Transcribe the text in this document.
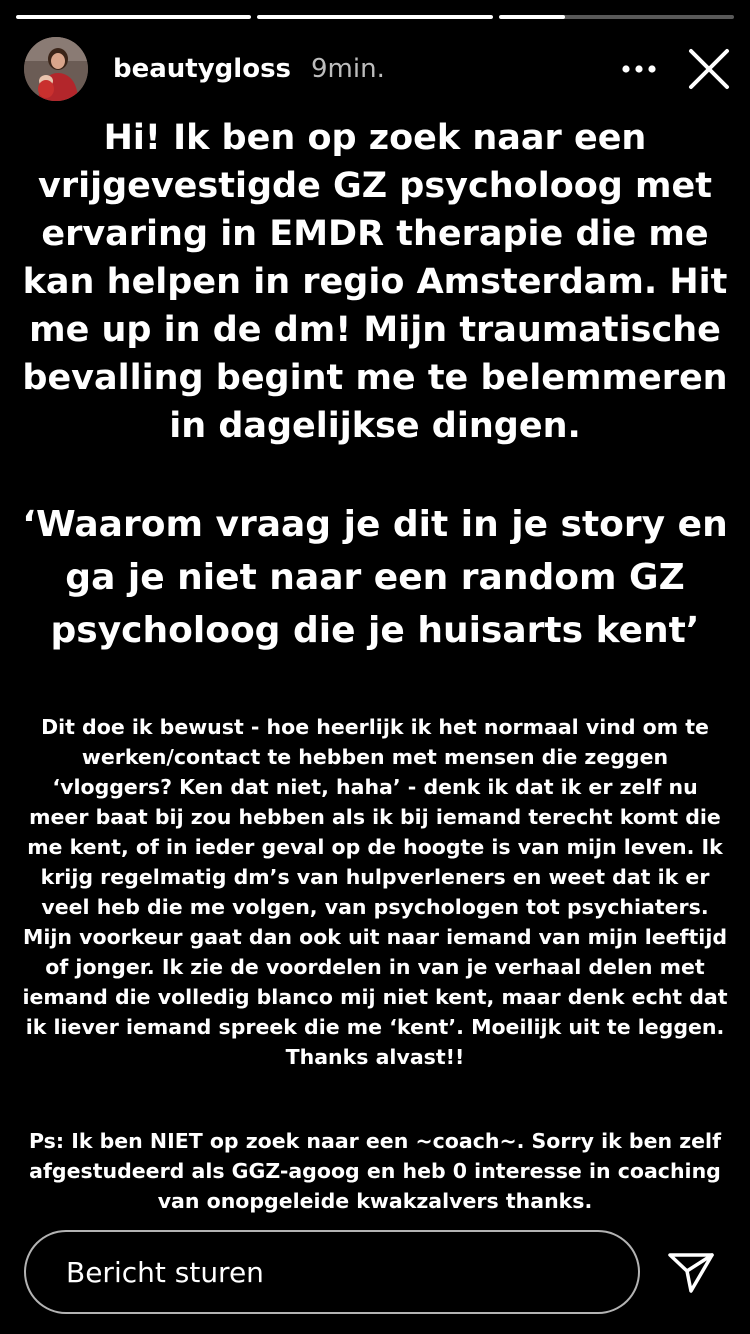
beautygloss 9min.

Hi! Ik ben op zoek naar een vrijgevestigde GZ psycholoog met ervaring in EMDR therapie die me kan helpen in regio Amsterdam. Hit me up in de dm! Mijn traumatische bevalling begint me te belemmeren in dagelijkse dingen.

‘Waarom vraag je dit in je story en ga je niet naar een random GZ psycholoog die je huisarts kent’

Dit doe ik bewust - hoe heerlijk ik het normaal vind om te werken/contact te hebben met mensen die zeggen ‘vloggers? Ken dat niet, haha’ - denk ik dat ik er zelf nu meer baat bij zou hebben als ik bij iemand terecht komt die me kent, of in ieder geval op de hoogte is van mijn leven. Ik krijg regelmatig dm’s van hulpverleners en weet dat ik er veel heb die me volgen, van psychologen tot psychiaters. Mijn voorkeur gaat dan ook uit naar iemand van mijn leeftijd of jonger. Ik zie de voordelen in van je verhaal delen met iemand die volledig blanco mij niet kent, maar denk echt dat ik liever iemand spreek die me ‘kent’. Moeilijk uit te leggen. Thanks alvast!!

Ps: Ik ben NIET op zoek naar een ~coach~. Sorry ik ben zelf afgestudeerd als GGZ-agoog en heb 0 interesse in coaching van onopgeleide kwakzalvers thanks.

Bericht sturen
